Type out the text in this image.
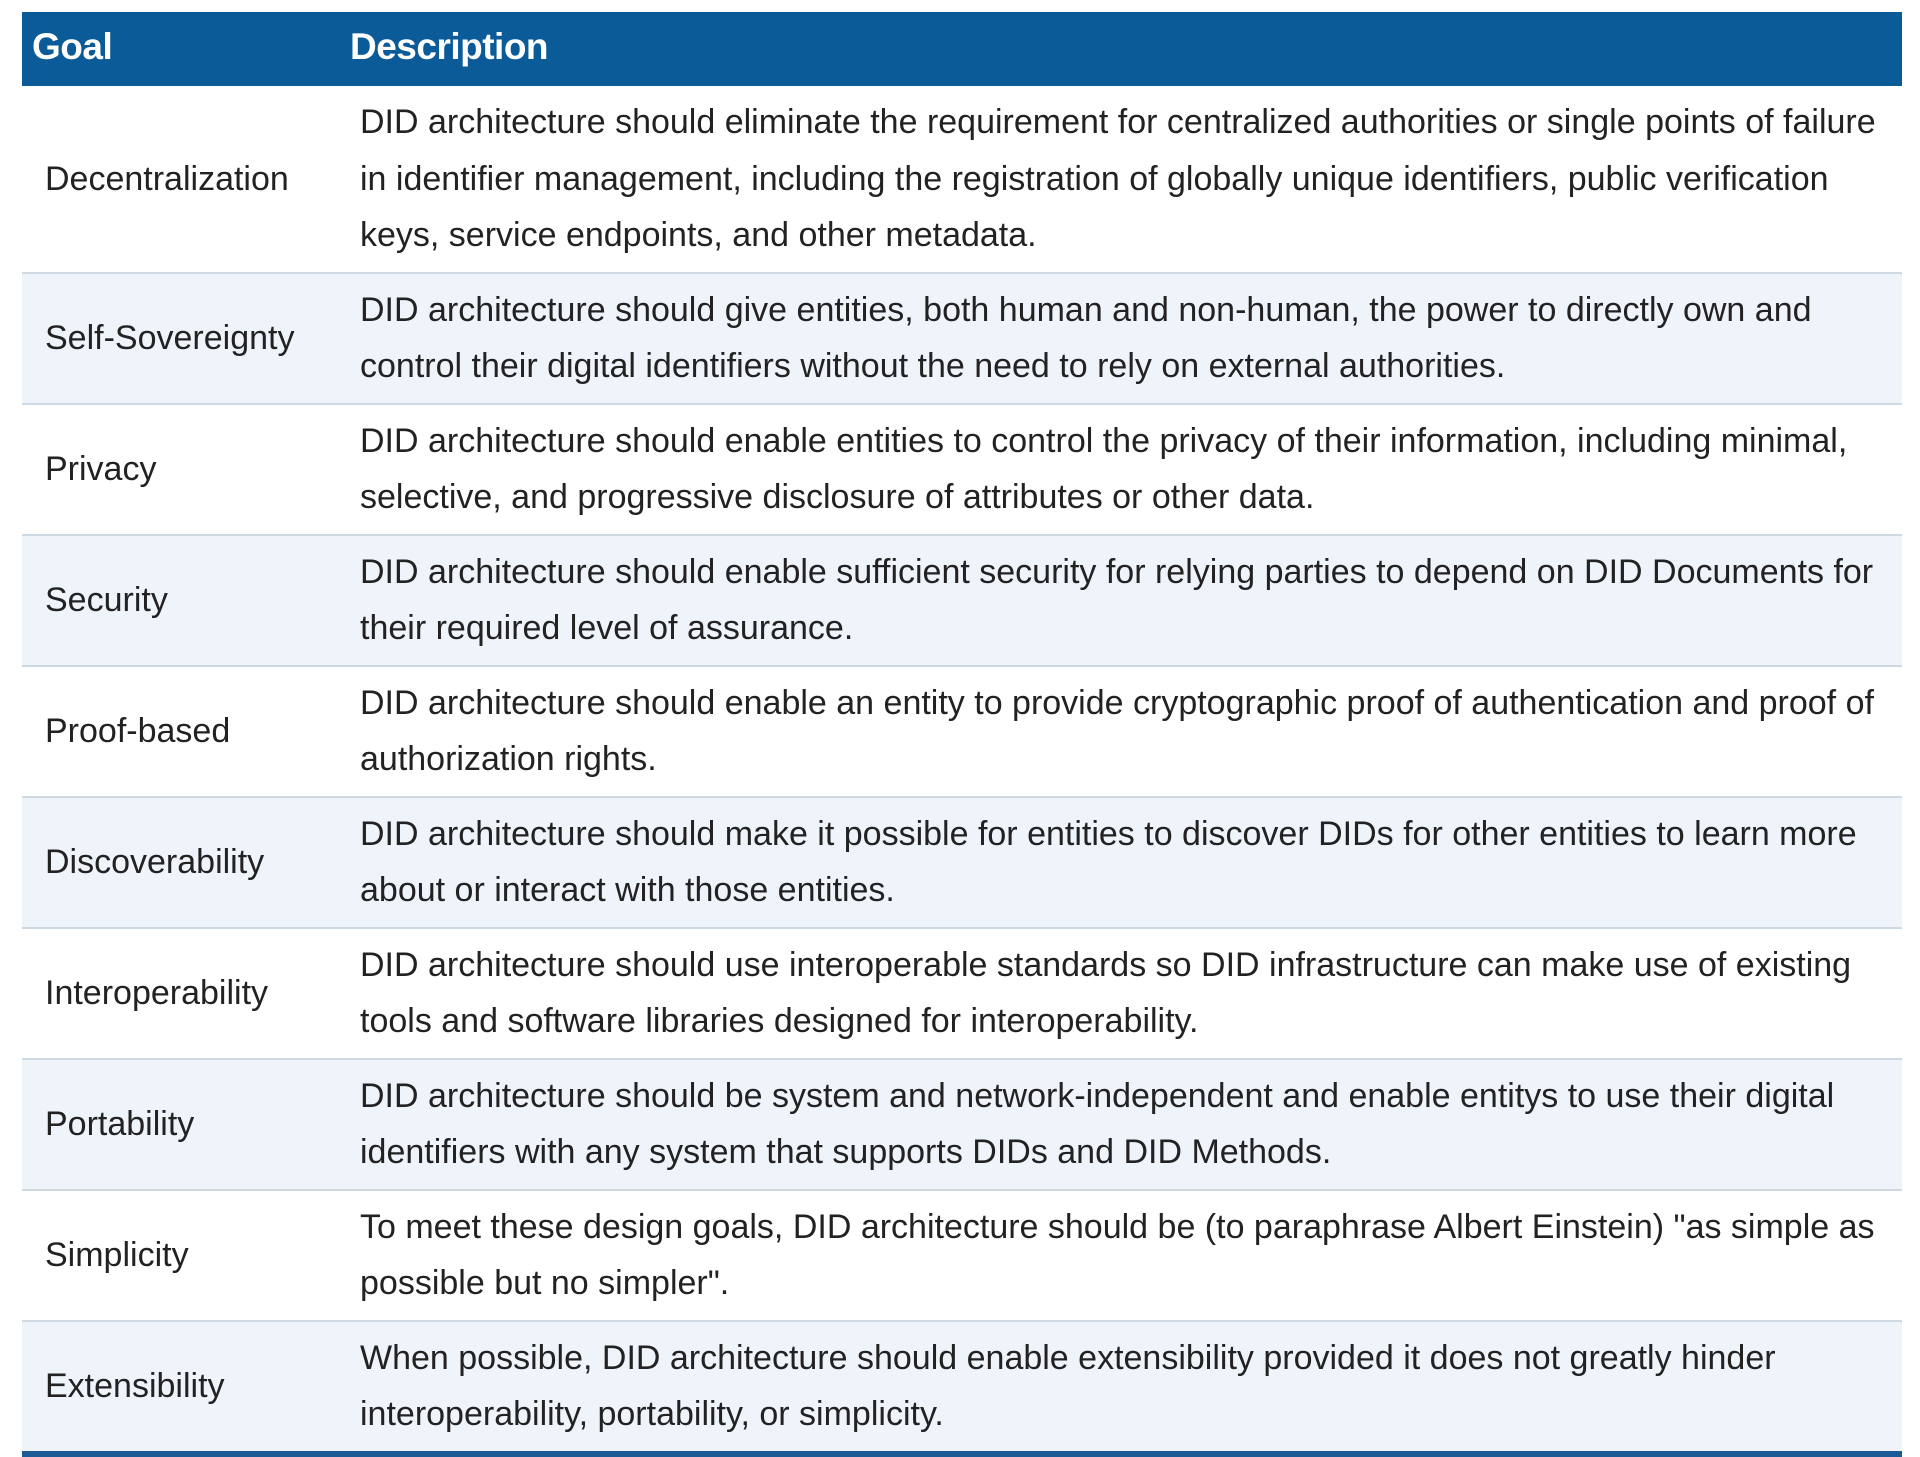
Goal	Description
Decentralization	DID architecture should eliminate the requirement for centralized authorities or single points of failure in identifier management, including the registration of globally unique identifiers, public verification keys, service endpoints, and other metadata.
Self-Sovereignty	DID architecture should give entities, both human and non-human, the power to directly own and control their digital identifiers without the need to rely on external authorities.
Privacy	DID architecture should enable entities to control the privacy of their information, including minimal, selective, and progressive disclosure of attributes or other data.
Security	DID architecture should enable sufficient security for relying parties to depend on DID Documents for their required level of assurance.
Proof-based	DID architecture should enable an entity to provide cryptographic proof of authentication and proof of authorization rights.
Discoverability	DID architecture should make it possible for entities to discover DIDs for other entities to learn more about or interact with those entities.
Interoperability	DID architecture should use interoperable standards so DID infrastructure can make use of existing tools and software libraries designed for interoperability.
Portability	DID architecture should be system and network-independent and enable entitys to use their digital identifiers with any system that supports DIDs and DID Methods.
Simplicity	To meet these design goals, DID architecture should be (to paraphrase Albert Einstein) "as simple as possible but no simpler".
Extensibility	When possible, DID architecture should enable extensibility provided it does not greatly hinder interoperability, portability, or simplicity.
